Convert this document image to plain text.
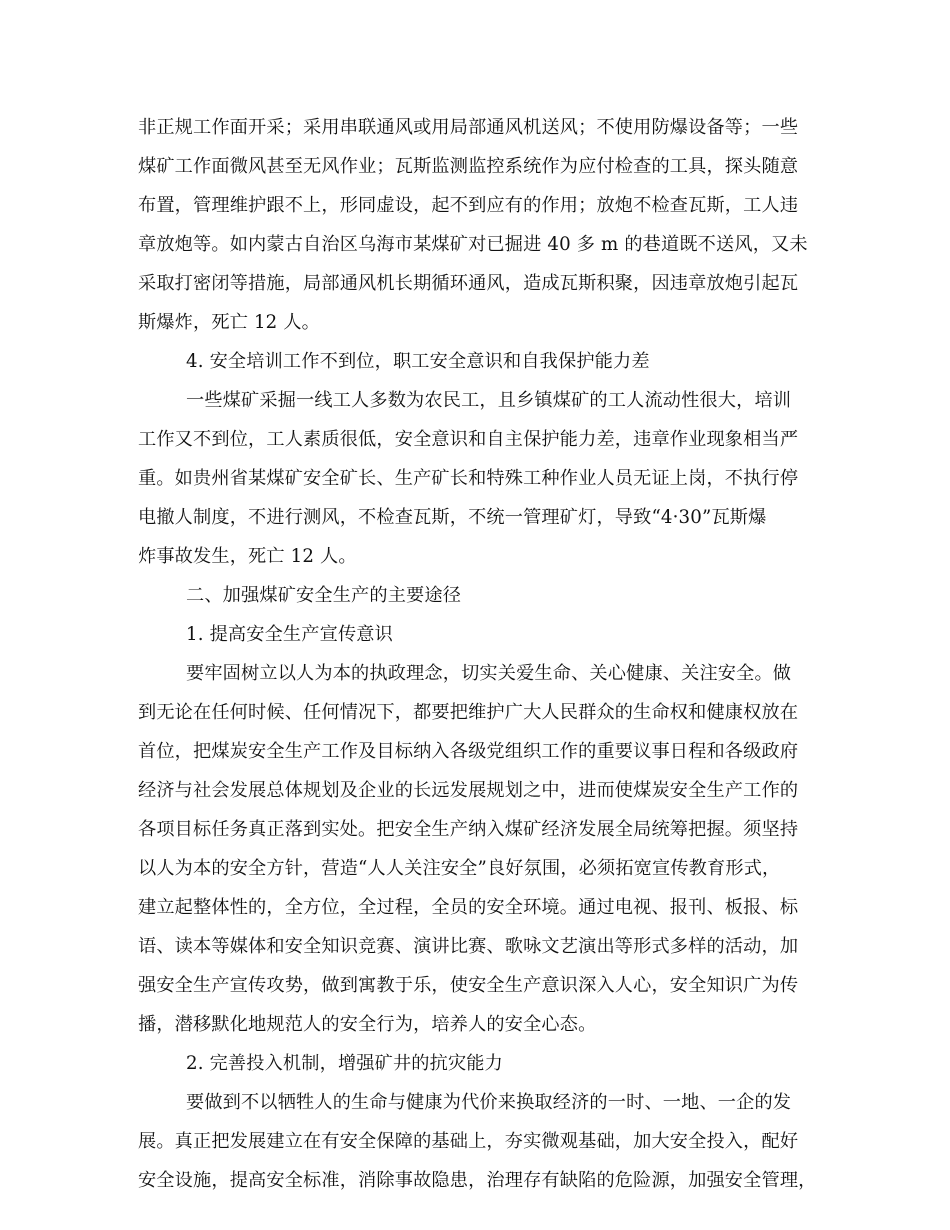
非正规工作面开采；采用串联通风或用局部通风机送风；不使用防爆设备等；一些
煤矿工作面微风甚至无风作业；瓦斯监测监控系统作为应付检查的工具，探头随意
布置，管理维护跟不上，形同虚设，起不到应有的作用；放炮不检查瓦斯，工人违
章放炮等。如内蒙古自治区乌海市某煤矿对已掘进 40 多 m 的巷道既不送风，又未
采取打密闭等措施，局部通风机长期循环通风，造成瓦斯积聚，因违章放炮引起瓦
斯爆炸，死亡 12 人。
4. 安全培训工作不到位，职工安全意识和自我保护能力差
一些煤矿采掘一线工人多数为农民工，且乡镇煤矿的工人流动性很大，培训
工作又不到位，工人素质很低，安全意识和自主保护能力差，违章作业现象相当严
重。如贵州省某煤矿安全矿长、生产矿长和特殊工种作业人员无证上岗，不执行停
电撤人制度，不进行测风，不检查瓦斯，不统一管理矿灯，导致“4·30”瓦斯爆
炸事故发生，死亡 12 人。
二、加强煤矿安全生产的主要途径
1. 提高安全生产宣传意识
要牢固树立以人为本的执政理念，切实关爱生命、关心健康、关注安全。做
到无论在任何时候、任何情况下，都要把维护广大人民群众的生命权和健康权放在
首位，把煤炭安全生产工作及目标纳入各级党组织工作的重要议事日程和各级政府
经济与社会发展总体规划及企业的长远发展规划之中，进而使煤炭安全生产工作的
各项目标任务真正落到实处。把安全生产纳入煤矿经济发展全局统筹把握。须坚持
以人为本的安全方针，营造“人人关注安全”良好氛围，必须拓宽宣传教育形式，
建立起整体性的，全方位，全过程，全员的安全环境。通过电视、报刊、板报、标
语、读本等媒体和安全知识竞赛、演讲比赛、歌咏文艺演出等形式多样的活动，加
强安全生产宣传攻势，做到寓教于乐，使安全生产意识深入人心，安全知识广为传
播，潜移默化地规范人的安全行为，培养人的安全心态。
2. 完善投入机制，增强矿井的抗灾能力
要做到不以牺牲人的生命与健康为代价来换取经济的一时、一地、一企的发
展。真正把发展建立在有安全保障的基础上，夯实微观基础，加大安全投入，配好
安全设施，提高安全标准，消除事故隐患，治理存有缺陷的危险源，加强安全管理，
